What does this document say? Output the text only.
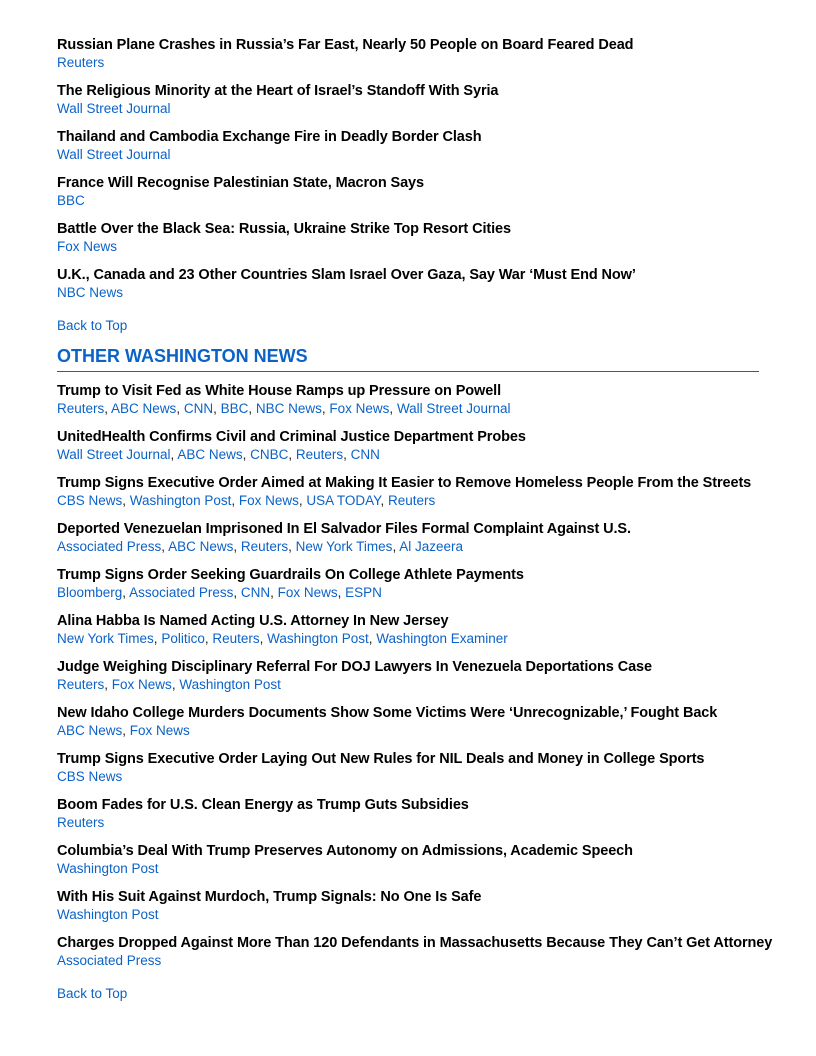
Russian Plane Crashes in Russia’s Far East, Nearly 50 People on Board Feared Dead
Reuters
The Religious Minority at the Heart of Israel’s Standoff With Syria
Wall Street Journal
Thailand and Cambodia Exchange Fire in Deadly Border Clash
Wall Street Journal
France Will Recognise Palestinian State, Macron Says
BBC
Battle Over the Black Sea: Russia, Ukraine Strike Top Resort Cities
Fox News
U.K., Canada and 23 Other Countries Slam Israel Over Gaza, Say War ‘Must End Now’
NBC News
Back to Top
OTHER WASHINGTON NEWS
Trump to Visit Fed as White House Ramps up Pressure on Powell
Reuters, ABC News, CNN, BBC, NBC News, Fox News, Wall Street Journal
UnitedHealth Confirms Civil and Criminal Justice Department Probes
Wall Street Journal, ABC News, CNBC, Reuters, CNN
Trump Signs Executive Order Aimed at Making It Easier to Remove Homeless People From the Streets
CBS News, Washington Post, Fox News, USA TODAY, Reuters
Deported Venezuelan Imprisoned In El Salvador Files Formal Complaint Against U.S.
Associated Press, ABC News, Reuters, New York Times, Al Jazeera
Trump Signs Order Seeking Guardrails On College Athlete Payments
Bloomberg, Associated Press, CNN, Fox News, ESPN
Alina Habba Is Named Acting U.S. Attorney In New Jersey
New York Times, Politico, Reuters, Washington Post, Washington Examiner
Judge Weighing Disciplinary Referral For DOJ Lawyers In Venezuela Deportations Case
Reuters, Fox News, Washington Post
New Idaho College Murders Documents Show Some Victims Were ‘Unrecognizable,’ Fought Back
ABC News, Fox News
Trump Signs Executive Order Laying Out New Rules for NIL Deals and Money in College Sports
CBS News
Boom Fades for U.S. Clean Energy as Trump Guts Subsidies
Reuters
Columbia’s Deal With Trump Preserves Autonomy on Admissions, Academic Speech
Washington Post
With His Suit Against Murdoch, Trump Signals: No One Is Safe
Washington Post
Charges Dropped Against More Than 120 Defendants in Massachusetts Because They Can’t Get Attorney
Associated Press
Back to Top
